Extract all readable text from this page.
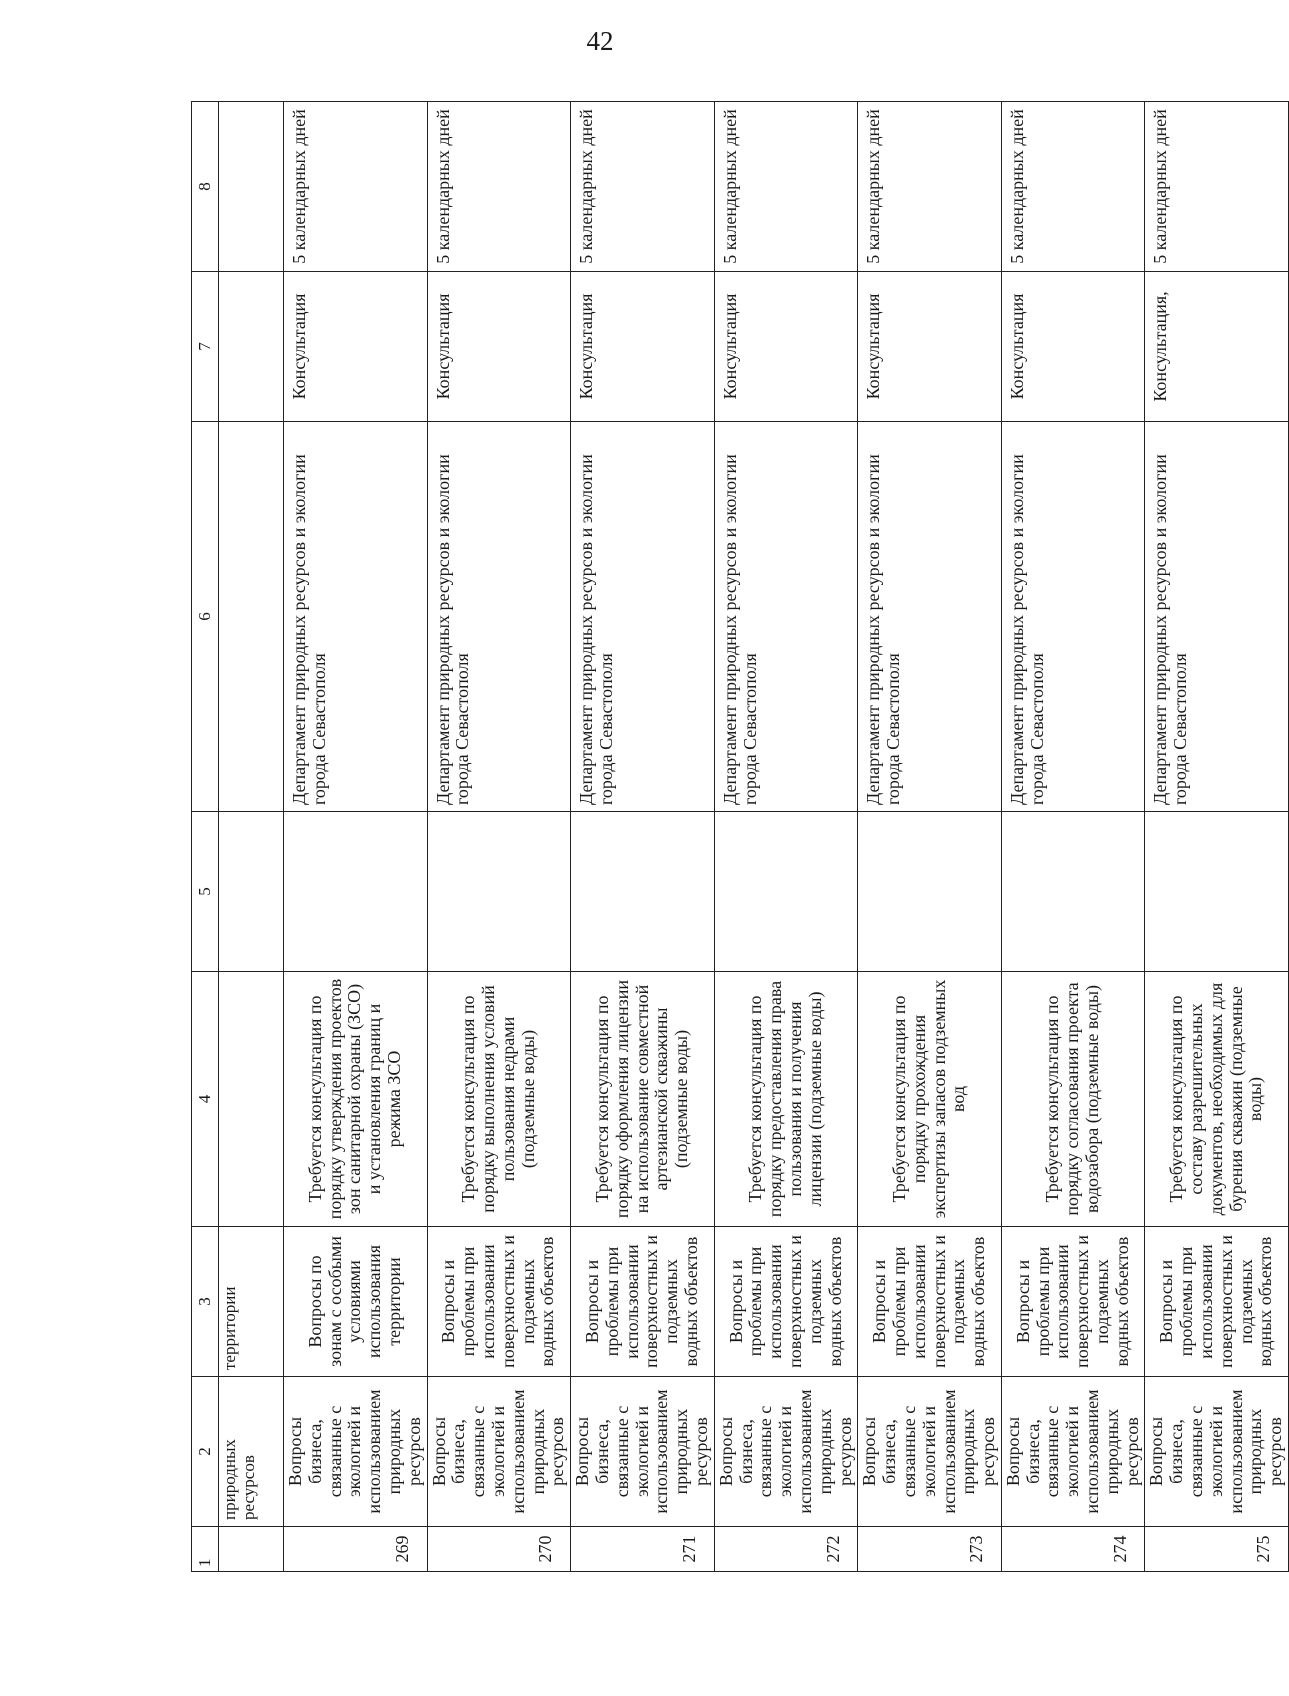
42
1	2	3	4	5	6	7	8
	природных ресурсов	территории					
269	Вопросы бизнеса, связанные с экологией и использованием природных ресурсов	Вопросы по зонам с особыми условиями использования территории	Требуется консультация по порядку утверждения проектов зон санитарной охраны (ЗСО) и установления границ и режима ЗСО		Департамент природных ресурсов и экологии города Севастополя	Консультация	5 календарных дней
270	Вопросы бизнеса, связанные с экологией и использованием природных ресурсов	Вопросы и проблемы при использовании поверхностных и подземных водных объектов	Требуется консультация по порядку выполнения условий пользования недрами (подземные воды)		Департамент природных ресурсов и экологии города Севастополя	Консультация	5 календарных дней
271	Вопросы бизнеса, связанные с экологией и использованием природных ресурсов	Вопросы и проблемы при использовании поверхностных и подземных водных объектов	Требуется консультация по порядку оформления лицензии на использование совместной артезианской скважины (подземные воды)		Департамент природных ресурсов и экологии города Севастополя	Консультация	5 календарных дней
272	Вопросы бизнеса, связанные с экологией и использованием природных ресурсов	Вопросы и проблемы при использовании поверхностных и подземных водных объектов	Требуется консультация по порядку предоставления права пользования и получения лицензии (подземные воды)		Департамент природных ресурсов и экологии города Севастополя	Консультация	5 календарных дней
273	Вопросы бизнеса, связанные с экологией и использованием природных ресурсов	Вопросы и проблемы при использовании поверхностных и подземных водных объектов	Требуется консультация по порядку прохождения экспертизы запасов подземных вод		Департамент природных ресурсов и экологии города Севастополя	Консультация	5 календарных дней
274	Вопросы бизнеса, связанные с экологией и использованием природных ресурсов	Вопросы и проблемы при использовании поверхностных и подземных водных объектов	Требуется консультация по порядку согласования проекта водозабора (подземные воды)		Департамент природных ресурсов и экологии города Севастополя	Консультация	5 календарных дней
275	Вопросы бизнеса, связанные с экологией и использованием природных ресурсов	Вопросы и проблемы при использовании поверхностных и подземных водных объектов	Требуется консультация по составу разрешительных документов, необходимых для бурения скважин (подземные воды)		Департамент природных ресурсов и экологии города Севастополя	Консультация,	5 календарных дней
